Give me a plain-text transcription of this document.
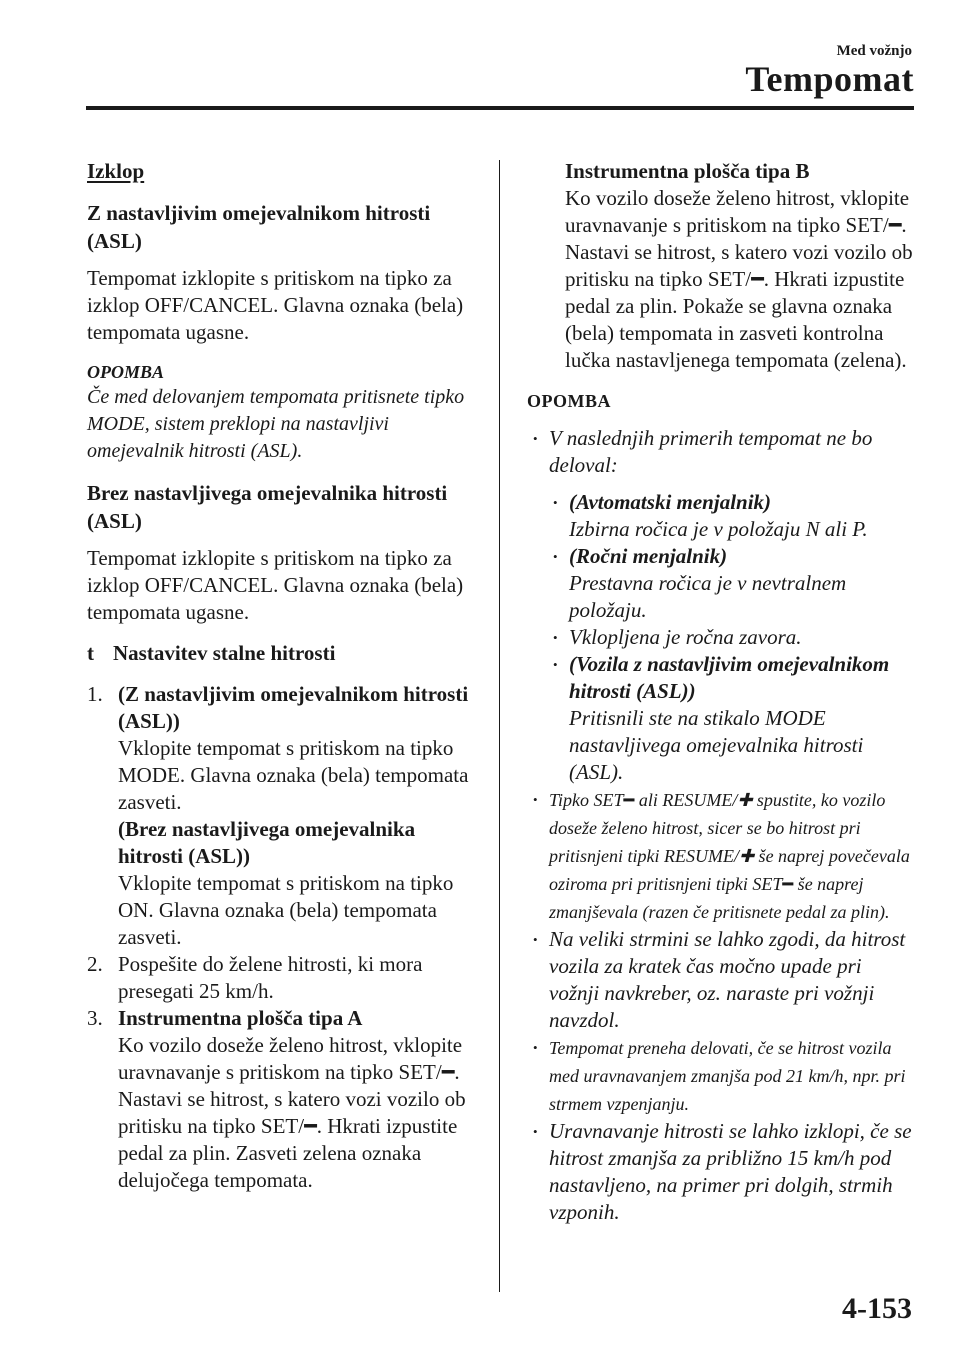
Med vožnjo
Tempomat

Izklop

Z nastavljivim omejevalnikom hitrosti (ASL)

Tempomat izklopite s pritiskom na tipko za izklop OFF/CANCEL. Glavna oznaka (bela) tempomata ugasne.

OPOMBA

Če med delovanjem tempomata pritisnete tipko MODE, sistem preklopi na nastavljivi omejevalnik hitrosti (ASL).

Brez nastavljivega omejevalnika hitrosti (ASL)

Tempomat izklopite s pritiskom na tipko za izklop OFF/CANCEL. Glavna oznaka (bela) tempomata ugasne.

t Nastavitev stalne hitrosti

1. (Z nastavljivim omejevalnikom hitrosti (ASL))
Vklopite tempomat s pritiskom na tipko MODE. Glavna oznaka (bela) tempomata zasveti.
(Brez nastavljivega omejevalnika hitrosti (ASL))
Vklopite tempomat s pritiskom na tipko ON. Glavna oznaka (bela) tempomata zasveti.
2. Pospešite do želene hitrosti, ki mora presegati 25 km/h.
3. Instrumentna plošča tipa A
Ko vozilo doseže želeno hitrost, vklopite uravnavanje s pritiskom na tipko SET/━. Nastavi se hitrost, s katero vozi vozilo ob pritisku na tipko SET/━. Hkrati izpustite pedal za plin. Zasveti zelena oznaka delujočega tempomata.
Instrumentna plošča tipa B
Ko vozilo doseže želeno hitrost, vklopite uravnavanje s pritiskom na tipko SET/━. Nastavi se hitrost, s katero vozi vozilo ob pritisku na tipko SET/━. Hkrati izpustite pedal za plin. Pokaže se glavna oznaka (bela) tempomata in zasveti kontrolna lučka nastavljenega tempomata (zelena).

OPOMBA

• V naslednjih primerih tempomat ne bo deloval:
• (Avtomatski menjalnik)
Izbirna ročica je v položaju N ali P.
• (Ročni menjalnik)
Prestavna ročica je v nevtralnem položaju.
• Vklopljena je ročna zavora.
• (Vozila z nastavljivim omejevalnikom hitrosti (ASL))
Pritisnili ste na stikalo MODE nastavljivega omejevalnika hitrosti (ASL).
• Tipko SET━ ali RESUME/✚ spustite, ko vozilo doseže želeno hitrost, sicer se bo hitrost pri pritisnjeni tipki RESUME/✚ še naprej povečevala oziroma pri pritisnjeni tipki SET━ še naprej zmanjševala (razen če pritisnete pedal za plin).
• Na veliki strmini se lahko zgodi, da hitrost vozila za kratek čas močno upade pri vožnji navkreber, oz. naraste pri vožnji navzdol.
• Tempomat preneha delovati, če se hitrost vozila med uravnavanjem zmanjša pod 21 km/h, npr. pri strmem vzpenjanju.
• Uravnavanje hitrosti se lahko izklopi, če se hitrost zmanjša za približno 15 km/h pod nastavljeno, na primer pri dolgih, strmih vzponih.
4-153
